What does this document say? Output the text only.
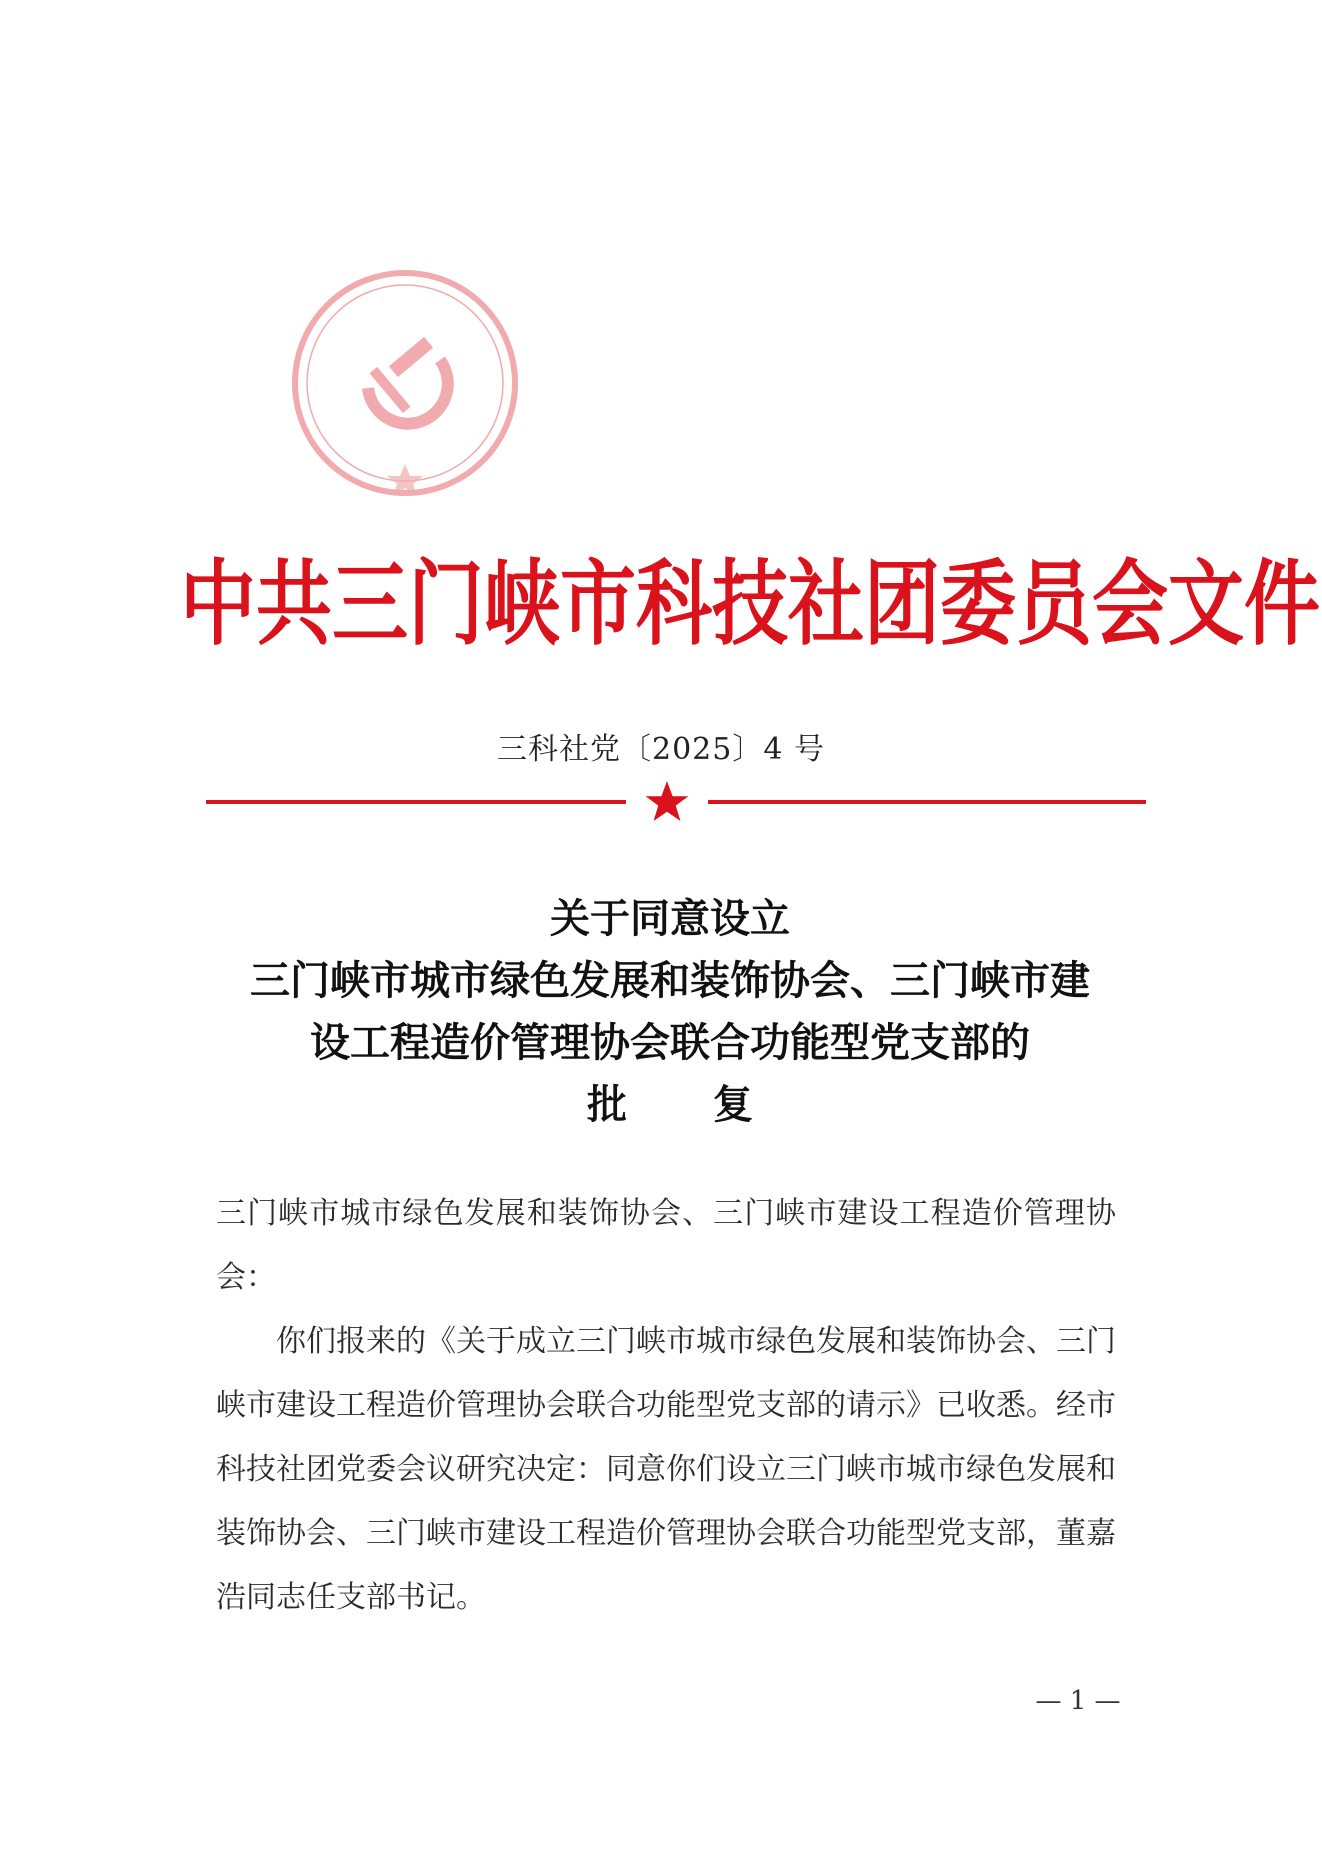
中共三门峡市科技社团委员会文件
三科社党〔2025〕4 号
关于同意设立
三门峡市城市绿色发展和装饰协会、三门峡市建
设工程造价管理协会联合功能型党支部的
批 复

三门峡市城市绿色发展和装饰协会、三门峡市建设工程造价管理协会：

你们报来的《关于成立三门峡市城市绿色发展和装饰协会、三门峡市建设工程造价管理协会联合功能型党支部的请示》已收悉。经市科技社团党委会议研究决定：同意你们设立三门峡市城市绿色发展和装饰协会、三门峡市建设工程造价管理协会联合功能型党支部，董嘉浩同志任支部书记。

— 1 —
